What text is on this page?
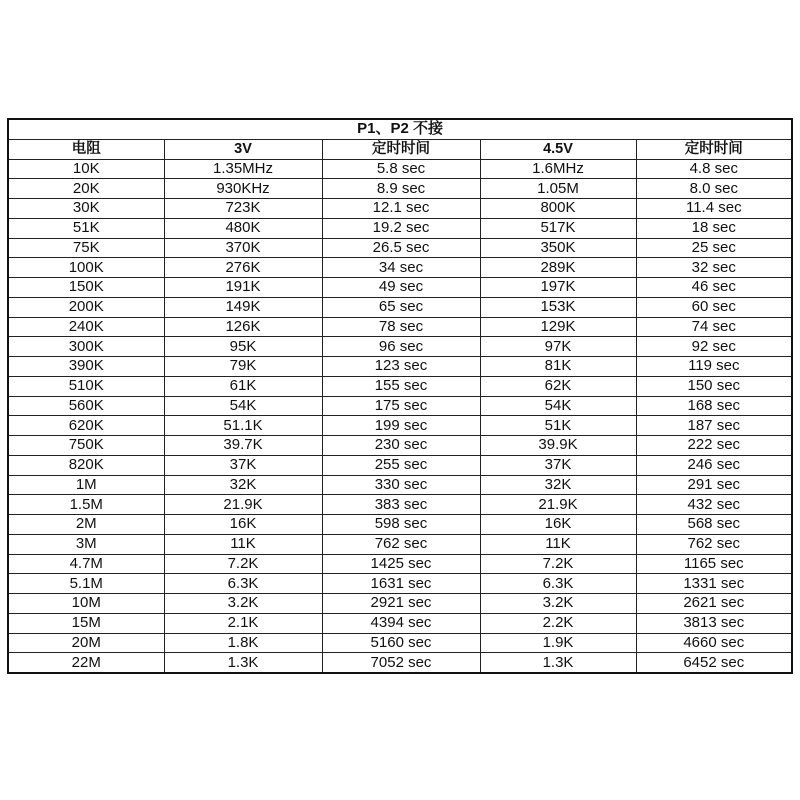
P1、P2 不接				
电阻	3V	定时时间	4.5V	定时时间
10K	1.35MHz	5.8 sec	1.6MHz	4.8 sec
20K	930KHz	8.9 sec	1.05M	8.0 sec
30K	723K	12.1 sec	800K	11.4 sec
51K	480K	19.2 sec	517K	18 sec
75K	370K	26.5 sec	350K	25 sec
100K	276K	34 sec	289K	32 sec
150K	191K	49 sec	197K	46 sec
200K	149K	65 sec	153K	60 sec
240K	126K	78 sec	129K	74 sec
300K	95K	96 sec	97K	92 sec
390K	79K	123 sec	81K	119 sec
510K	61K	155 sec	62K	150 sec
560K	54K	175 sec	54K	168 sec
620K	51.1K	199 sec	51K	187 sec
750K	39.7K	230 sec	39.9K	222 sec
820K	37K	255 sec	37K	246 sec
1M	32K	330 sec	32K	291 sec
1.5M	21.9K	383 sec	21.9K	432 sec
2M	16K	598 sec	16K	568 sec
3M	11K	762 sec	11K	762 sec
4.7M	7.2K	1425 sec	7.2K	1165 sec
5.1M	6.3K	1631 sec	6.3K	1331 sec
10M	3.2K	2921 sec	3.2K	2621 sec
15M	2.1K	4394 sec	2.2K	3813 sec
20M	1.8K	5160 sec	1.9K	4660 sec
22M	1.3K	7052 sec	1.3K	6452 sec
